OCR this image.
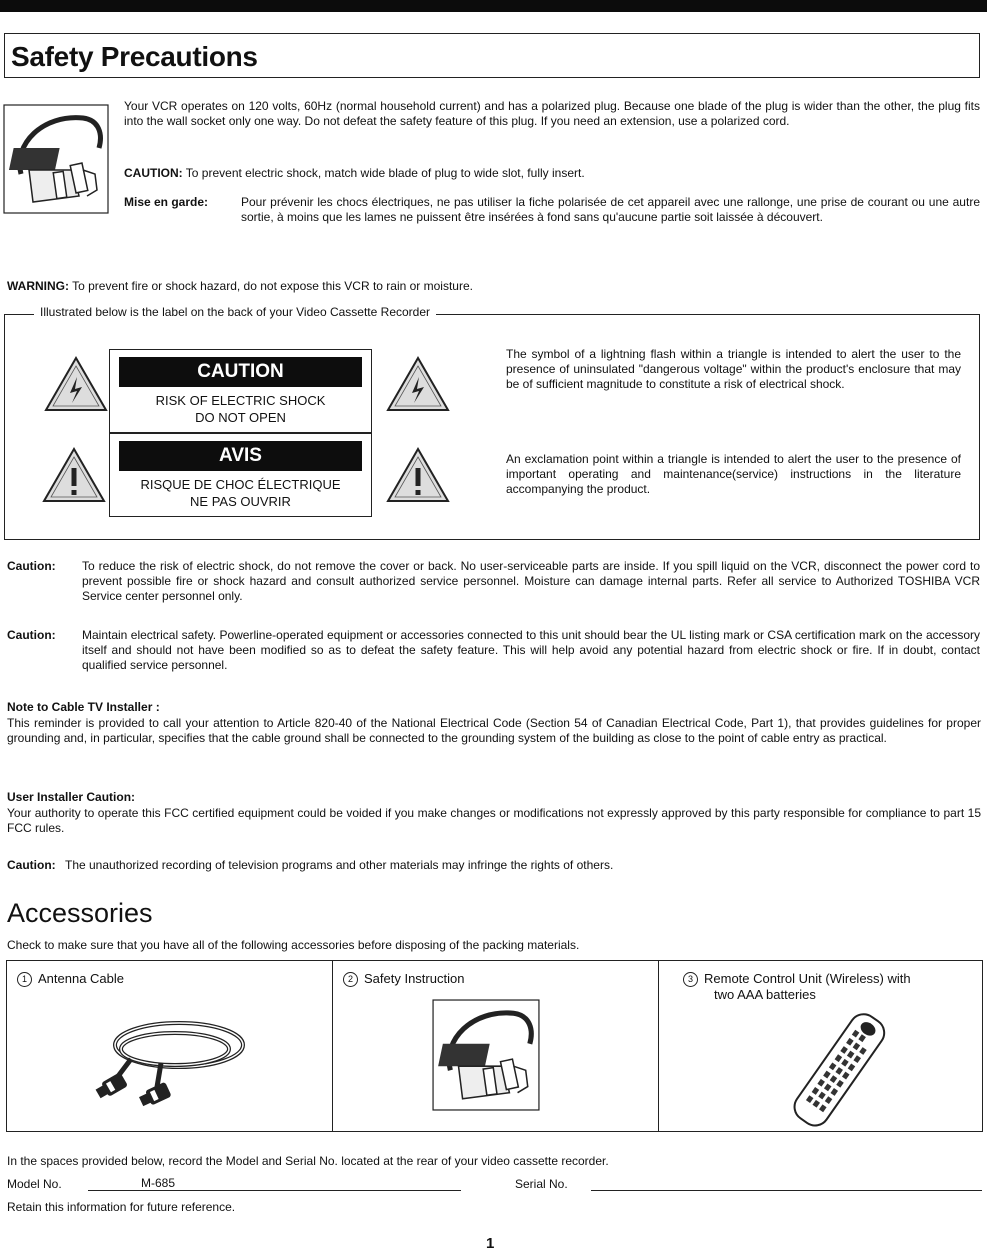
Safety Precautions
Your VCR operates on 120 volts, 60Hz (normal household current) and has a polarized plug. Because one blade of the plug is wider than the other, the plug fits into the wall socket only one way. Do not defeat the safety feature of this plug. If you need an extension, use a polarized cord.
CAUTION: To prevent electric shock, match wide blade of plug to wide slot, fully insert.
Mise en garde:	Pour prévenir les chocs électriques, ne pas utiliser la fiche polarisée de cet appareil avec une rallonge, une prise de courant ou une autre sortie, à moins que les lames ne puissent être insérées à fond sans qu'aucune partie soit laissée à découvert.
WARNING: To prevent fire or shock hazard, do not expose this VCR to rain or moisture.
Illustrated below is the label on the back of your Video Cassette Recorder
CAUTION
RISK OF ELECTRIC SHOCK
DO NOT OPEN
AVIS
RISQUE DE CHOC ÉLECTRIQUE
NE PAS OUVRIR
The symbol of a lightning flash within a triangle is intended to alert the user to the presence of uninsulated "dangerous voltage" within the product's enclosure that may be of sufficient magnitude to constitute a risk of electrical shock.
An exclamation point within a triangle is intended to alert the user to the presence of important operating and maintenance(service) instructions in the literature accompanying the product.
Caution:	To reduce the risk of electric shock, do not remove the cover or back. No user-serviceable parts are inside. If you spill liquid on the VCR, disconnect the power cord to prevent possible fire or shock hazard and consult authorized service personnel. Moisture can damage internal parts. Refer all service to Authorized TOSHIBA VCR Service center personnel only.
Caution:	Maintain electrical safety. Powerline-operated equipment or accessories connected to this unit should bear the UL listing mark or CSA certification mark on the accessory itself and should not have been modified so as to defeat the safety feature. This will help avoid any potential hazard from electric shock or fire. If in doubt, contact qualified service personnel.
Note to Cable TV Installer :
This reminder is provided to call your attention to Article 820-40 of the National Electrical Code (Section 54 of Canadian Electrical Code, Part 1), that provides guidelines for proper grounding and, in particular, specifies that the cable ground shall be connected to the grounding system of the building as close to the point of cable entry as practical.
User Installer Caution:
Your authority to operate this FCC certified equipment could be voided if you make changes or modifications not expressly approved by this party responsible for compliance to part 15 FCC rules.
Caution: The unauthorized recording of television programs and other materials may infringe the rights of others.
Accessories
Check to make sure that you have all of the following accessories before disposing of the packing materials.
1 Antenna Cable	2 Safety Instruction	3 Remote Control Unit (Wireless) with
two AAA batteries
In the spaces provided below, record the Model and Serial No. located at the rear of your video cassette recorder.
Model No.	M-685	Serial No.
Retain this information for future reference.
1
